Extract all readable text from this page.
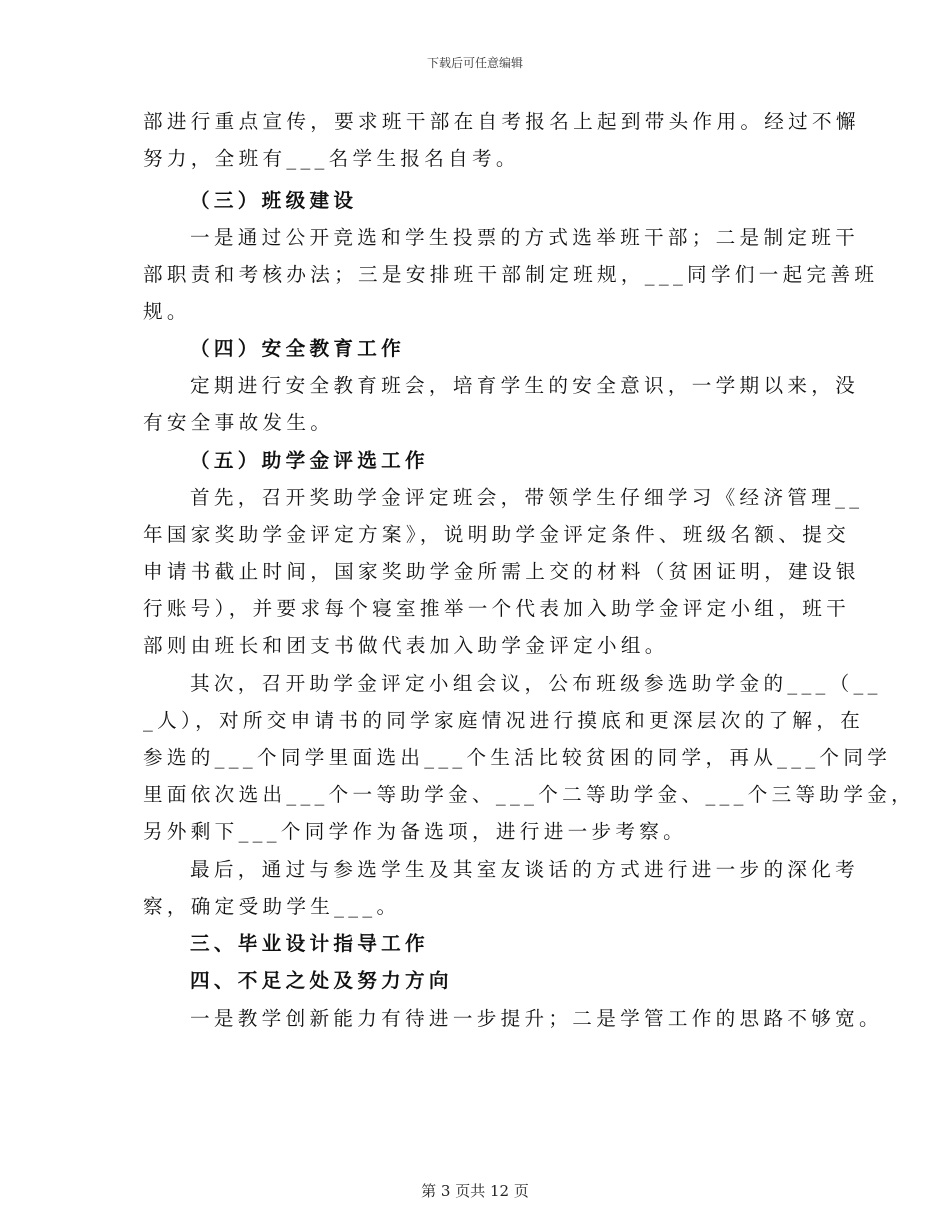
下载后可任意编辑
部进行重点宣传，要求班干部在自考报名上起到带头作用。经过不懈
努力，全班有___名学生报名自考。
（三）班级建设
一是通过公开竞选和学生投票的方式选举班干部；二是制定班干
部职责和考核办法；三是安排班干部制定班规，___同学们一起完善班
规。
（四）安全教育工作
定期进行安全教育班会，培育学生的安全意识，一学期以来，没
有安全事故发生。
（五）助学金评选工作
首先，召开奖助学金评定班会，带领学生仔细学习《经济管理__
年国家奖助学金评定方案》，说明助学金评定条件、班级名额、提交
申请书截止时间，国家奖助学金所需上交的材料（贫困证明，建设银
行账号），并要求每个寝室推举一个代表加入助学金评定小组，班干
部则由班长和团支书做代表加入助学金评定小组。
其次，召开助学金评定小组会议，公布班级参选助学金的___（__
_人），对所交申请书的同学家庭情况进行摸底和更深层次的了解，在
参选的___个同学里面选出___个生活比较贫困的同学，再从___个同学
里面依次选出___个一等助学金、___个二等助学金、___个三等助学金，
另外剩下___个同学作为备选项，进行进一步考察。
最后，通过与参选学生及其室友谈话的方式进行进一步的深化考
察，确定受助学生___。
三、毕业设计指导工作
四、不足之处及努力方向
一是教学创新能力有待进一步提升；二是学管工作的思路不够宽。
第 3 页共 12 页
